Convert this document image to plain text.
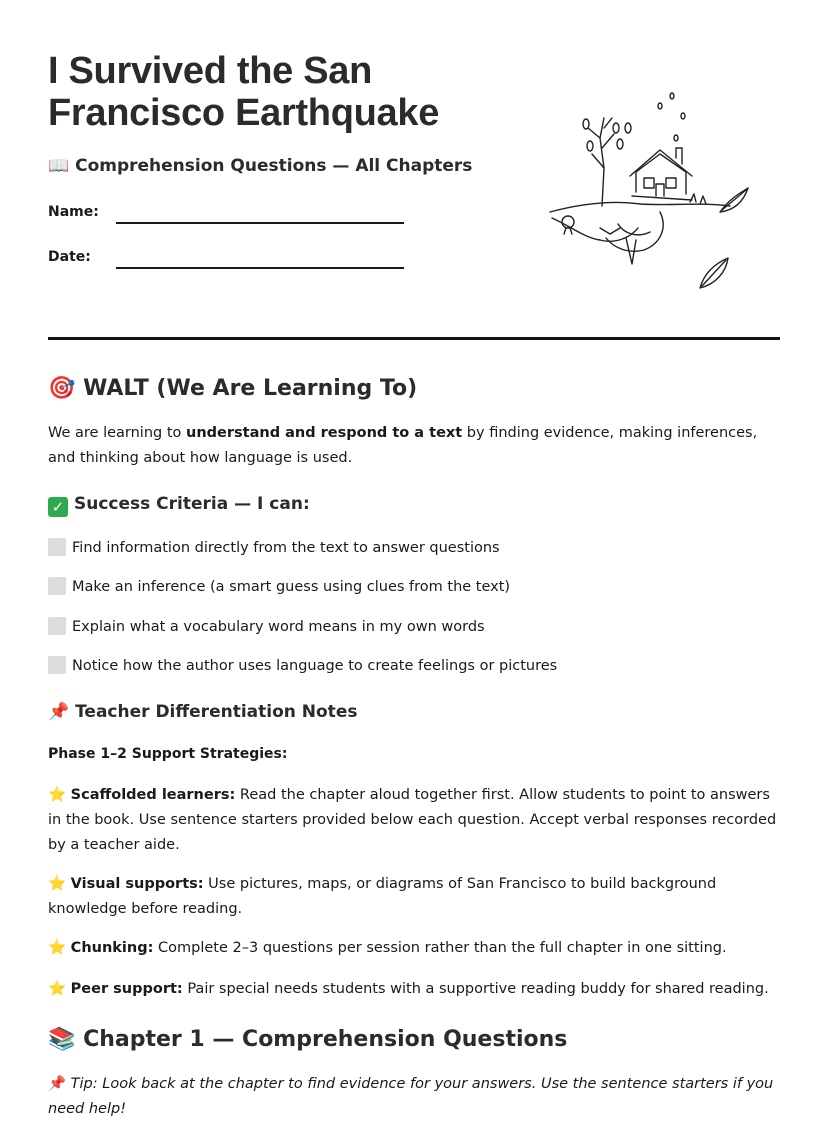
I Survived the San Francisco Earthquake
📖 Comprehension Questions — All Chapters
Name:
Date:
🎯 WALT (We Are Learning To)

We are learning to understand and respond to a text by finding evidence, making inferences, and thinking about how language is used.

✓ Success Criteria — I can:
Find information directly from the text to answer questions
Make an inference (a smart guess using clues from the text)
Explain what a vocabulary word means in my own words
Notice how the author uses language to create feelings or pictures
📌 Teacher Differentiation Notes
Phase 1–2 Support Strategies:

⭐ Scaffolded learners: Read the chapter aloud together first. Allow students to point to answers in the book. Use sentence starters provided below each question. Accept verbal responses recorded by a teacher aide.

⭐ Visual supports: Use pictures, maps, or diagrams of San Francisco to build background knowledge before reading.

⭐ Chunking: Complete 2–3 questions per session rather than the full chapter in one sitting.

⭐ Peer support: Pair special needs students with a supportive reading buddy for shared reading.

📚 Chapter 1 — Comprehension Questions

📌 Tip: Look back at the chapter to find evidence for your answers. Use the sentence starters if you need help!
